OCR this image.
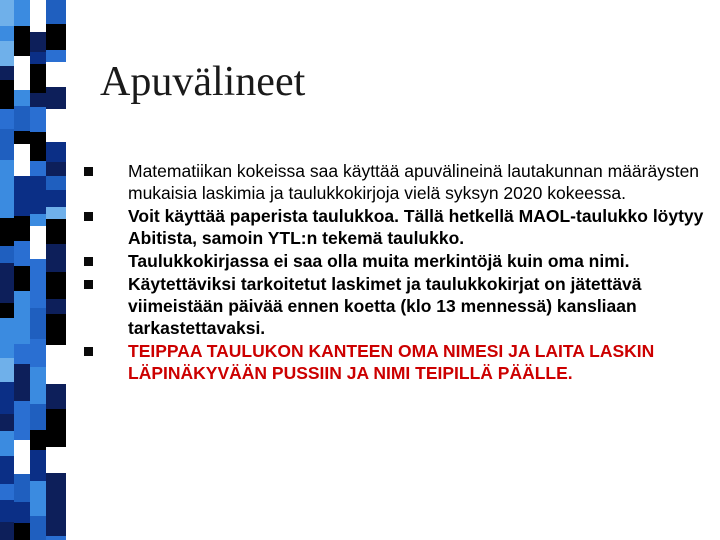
Apuvälineet
Matematiikan kokeissa saa käyttää apuvälineinä lautakunnan määräysten mukaisia laskimia ja taulukkokirjoja vielä syksyn 2020 kokeessa.
Voit käyttää paperista taulukkoa. Tällä hetkellä MAOL-taulukko löytyy Abitista, samoin YTL:n tekemä taulukko.
Taulukkokirjassa ei saa olla muita merkintöjä kuin oma nimi.
Käytettäviksi tarkoitetut laskimet ja taulukkokirjat on jätettävä viimeistään päivää ennen koetta (klo 13 mennessä) kansliaan tarkastettavaksi.
TEIPPAA TAULUKON KANTEEN OMA NIMESI JA LAITA LASKIN LÄPINÄKYVÄÄN PUSSIIN JA NIMI TEIPILLÄ PÄÄLLE.
